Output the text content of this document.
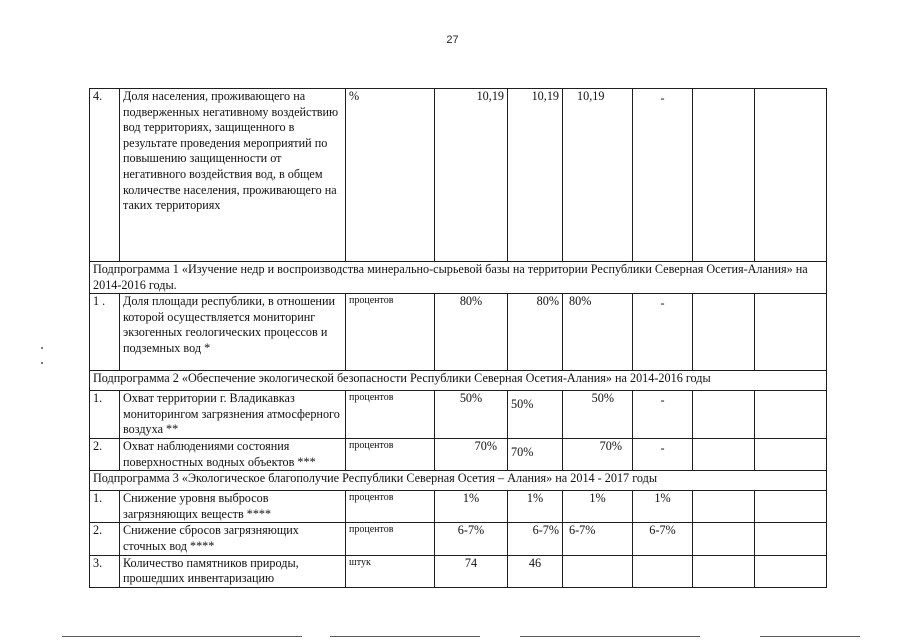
27
4.	Доля населения, проживающего на подверженных негативному воздействию вод территориях, защищенного в результате проведения мероприятий по повышению защищенности от негативного воздействия вод, в общем количестве населения, проживающего на таких территориях	%	10,19	10,19	10,19	-		

Подпрограмма 1 «Изучение недр и воспроизводства минерально-сырьевой базы на территории Республики Северная Осетия-Алания» на 2014-2016 годы.								
1 .	Доля площади республики, в отношении которой осуществляется мониторинг экзогенных геологических процессов и подземных вод *	процентов	80%	80%	80%	-		

Подпрограмма 2 «Обеспечение экологической безопасности Республики Северная Осетия-Алания» на 2014-2016 годы								
1.	Охват территории г. Владикавказ мониторингом загрязнения атмосферного воздуха **	процентов	50%	50%	50%	-		

2.	Охват наблюдениями состояния поверхностных водных объектов ***	процентов	70%	70%	70%	-		

Подпрограмма 3 «Экологическое благополучие Республики Северная Осетия – Алания» на 2014 - 2017 годы								
1.	Снижение уровня выбросов загрязняющих веществ ****	процентов	1%	1%	1%	1%		
2.	Снижение сбросов загрязняющих сточных вод ****	процентов	6-7%	6-7%	6-7%	6-7%		
3.	Количество памятников природы, прошедших инвентаризацию	штук	74	46				
